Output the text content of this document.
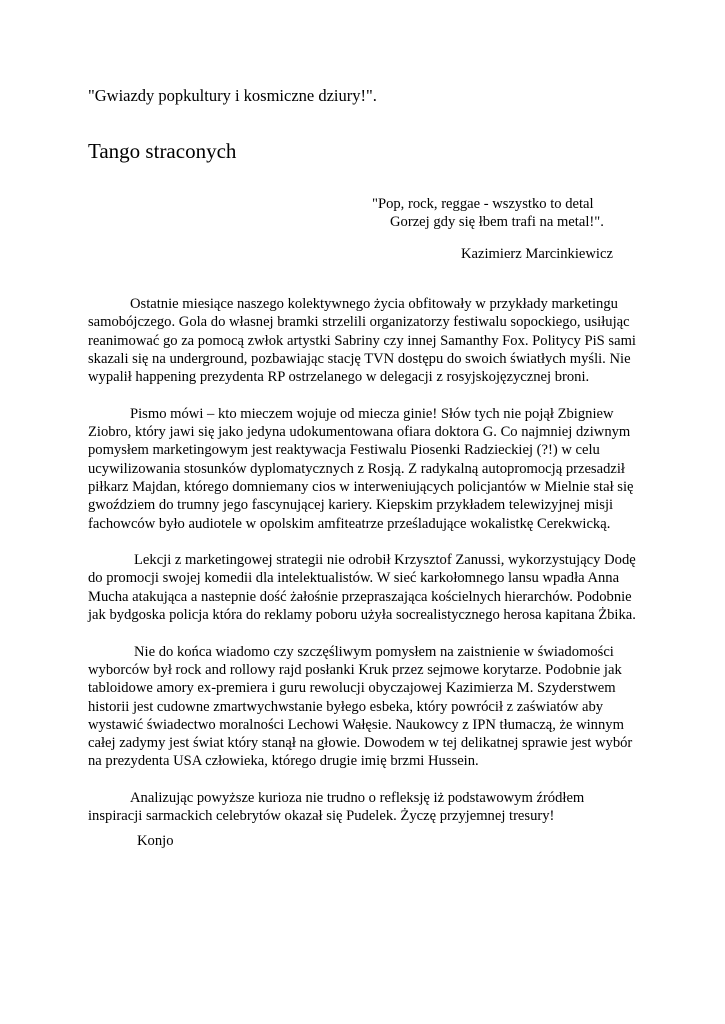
"Gwiazdy popkultury i kosmiczne dziury!".
Tango straconych
"Pop, rock, reggae - wszystko to detal
Gorzej gdy się łbem trafi na metal!".
Kazimierz Marcinkiewicz

Ostatnie miesiące naszego kolektywnego życia obfitowały w przykłady marketingu
samobójczego. Gola do własnej bramki strzelili organizatorzy festiwalu sopockiego, usiłując
reanimować go za pomocą zwłok artystki Sabriny czy innej Samanthy Fox. Politycy PiS sami
skazali się na underground, pozbawiając stację TVN dostępu do swoich światłych myśli. Nie
wypalił happening prezydenta RP ostrzelanego w delegacji z rosyjskojęzycznej broni.

Pismo mówi – kto mieczem wojuje od miecza ginie! Słów tych nie pojął Zbigniew
Ziobro, który jawi się jako jedyna udokumentowana ofiara doktora G. Co najmniej dziwnym
pomysłem marketingowym jest reaktywacja Festiwalu Piosenki Radzieckiej (?!) w celu
ucywilizowania stosunków dyplomatycznych z Rosją. Z radykalną autopromocją przesadził
piłkarz Majdan, którego domniemany cios w interweniujących policjantów w Mielnie stał się
gwoździem do trumny jego fascynującej kariery. Kiepskim przykładem telewizyjnej misji
fachowców było audiotele w opolskim amfiteatrze prześladujące wokalistkę Cerekwicką.

Lekcji z marketingowej strategii nie odrobił Krzysztof Zanussi, wykorzystujący Dodę
do promocji swojej komedii dla intelektualistów. W sieć karkołomnego lansu wpadła Anna
Mucha atakująca a nastepnie dość żałośnie przepraszająca kościelnych hierarchów. Podobnie
jak bydgoska policja która do reklamy poboru użyła socrealistycznego herosa kapitana Żbika.

Nie do końca wiadomo czy szczęśliwym pomysłem na zaistnienie w świadomości
wyborców był rock and rollowy rajd posłanki Kruk przez sejmowe korytarze. Podobnie jak
tabloidowe amory ex-premiera i guru rewolucji obyczajowej Kazimierza M. Szyderstwem
historii jest cudowne zmartwychwstanie byłego esbeka, który powrócił z zaświatów aby
wystawić świadectwo moralności Lechowi Wałęsie. Naukowcy z IPN tłumaczą, że winnym
całej zadymy jest świat który stanął na głowie. Dowodem w tej delikatnej sprawie jest wybór
na prezydenta USA człowieka, którego drugie imię brzmi Hussein.

Analizując powyższe kurioza nie trudno o refleksję iż podstawowym źródłem
inspiracji sarmackich celebrytów okazał się Pudelek. Życzę przyjemnej tresury!

Konjo
